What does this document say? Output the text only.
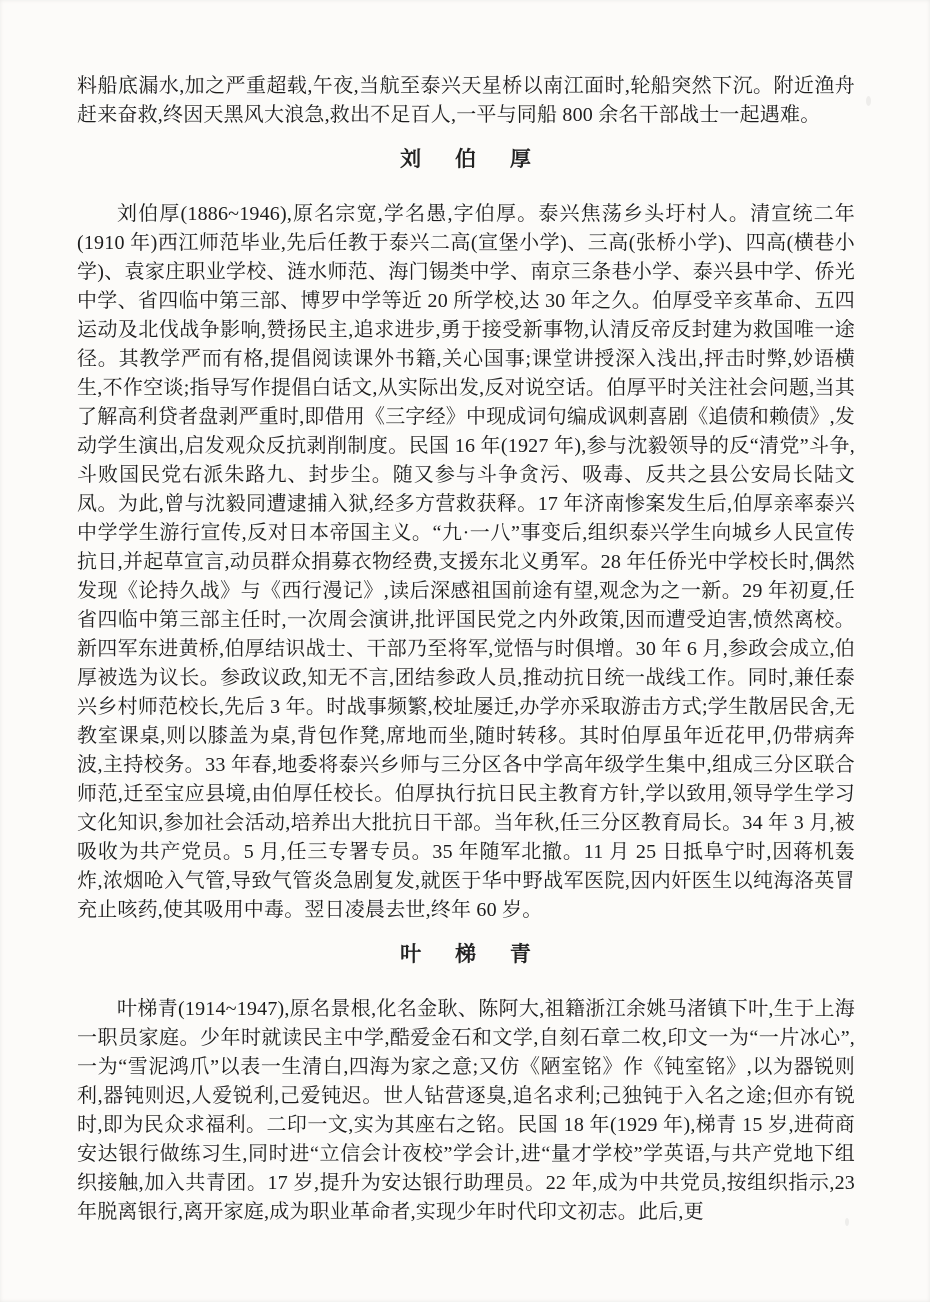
料船底漏水,加之严重超载,午夜,当航至泰兴天星桥以南江面时,轮船突然下沉。附近渔舟赶来奋救,终因天黑风大浪急,救出不足百人,一平与同船 800 余名干部战士一起遇难。

刘 伯 厚

刘伯厚(1886~1946),原名宗宽,学名愚,字伯厚。泰兴焦荡乡头圩村人。清宣统二年(1910 年)西江师范毕业,先后任教于泰兴二高(宣堡小学)、三高(张桥小学)、四高(横巷小学)、袁家庄职业学校、涟水师范、海门锡类中学、南京三条巷小学、泰兴县中学、侨光中学、省四临中第三部、博罗中学等近 20 所学校,达 30 年之久。伯厚受辛亥革命、五四运动及北伐战争影响,赞扬民主,追求进步,勇于接受新事物,认清反帝反封建为救国唯一途径。其教学严而有格,提倡阅读课外书籍,关心国事;课堂讲授深入浅出,抨击时弊,妙语横生,不作空谈;指导写作提倡白话文,从实际出发,反对说空话。伯厚平时关注社会问题,当其了解高利贷者盘剥严重时,即借用《三字经》中现成词句编成讽刺喜剧《追债和赖债》,发动学生演出,启发观众反抗剥削制度。民国 16 年(1927 年),参与沈毅领导的反“清党”斗争,斗败国民党右派朱路九、封步尘。随又参与斗争贪污、吸毒、反共之县公安局长陆文凤。为此,曾与沈毅同遭逮捕入狱,经多方营救获释。17 年济南惨案发生后,伯厚亲率泰兴中学学生游行宣传,反对日本帝国主义。“九·一八”事变后,组织泰兴学生向城乡人民宣传抗日,并起草宣言,动员群众捐募衣物经费,支援东北义勇军。28 年任侨光中学校长时,偶然发现《论持久战》与《西行漫记》,读后深感祖国前途有望,观念为之一新。29 年初夏,任省四临中第三部主任时,一次周会演讲,批评国民党之内外政策,因而遭受迫害,愤然离校。新四军东进黄桥,伯厚结识战士、干部乃至将军,觉悟与时俱增。30 年 6 月,参政会成立,伯厚被选为议长。参政议政,知无不言,团结参政人员,推动抗日统一战线工作。同时,兼任泰兴乡村师范校长,先后 3 年。时战事频繁,校址屡迁,办学亦采取游击方式;学生散居民舍,无教室课桌,则以膝盖为桌,背包作凳,席地而坐,随时转移。其时伯厚虽年近花甲,仍带病奔波,主持校务。33 年春,地委将泰兴乡师与三分区各中学高年级学生集中,组成三分区联合师范,迁至宝应县境,由伯厚任校长。伯厚执行抗日民主教育方针,学以致用,领导学生学习文化知识,参加社会活动,培养出大批抗日干部。当年秋,任三分区教育局长。34 年 3 月,被吸收为共产党员。5 月,任三专署专员。35 年随军北撤。11 月 25 日抵阜宁时,因蒋机轰炸,浓烟呛入气管,导致气管炎急剧复发,就医于华中野战军医院,因内奸医生以纯海洛英冒充止咳药,使其吸用中毒。翌日凌晨去世,终年 60 岁。

叶 梯 青

叶梯青(1914~1947),原名景根,化名金耿、陈阿大,祖籍浙江余姚马渚镇下叶,生于上海一职员家庭。少年时就读民主中学,酷爱金石和文学,自刻石章二枚,印文一为“一片冰心”,一为“雪泥鸿爪”以表一生清白,四海为家之意;又仿《陋室铭》作《钝室铭》,以为器锐则利,器钝则迟,人爱锐利,己爱钝迟。世人钻营逐臭,追名求利;己独钝于入名之途;但亦有锐时,即为民众求福利。二印一文,实为其座右之铭。民国 18 年(1929 年),梯青 15 岁,进荷商安达银行做练习生,同时进“立信会计夜校”学会计,进“量才学校”学英语,与共产党地下组织接触,加入共青团。17 岁,提升为安达银行助理员。22 年,成为中共党员,按组织指示,23 年脱离银行,离开家庭,成为职业革命者,实现少年时代印文初志。此后,更
